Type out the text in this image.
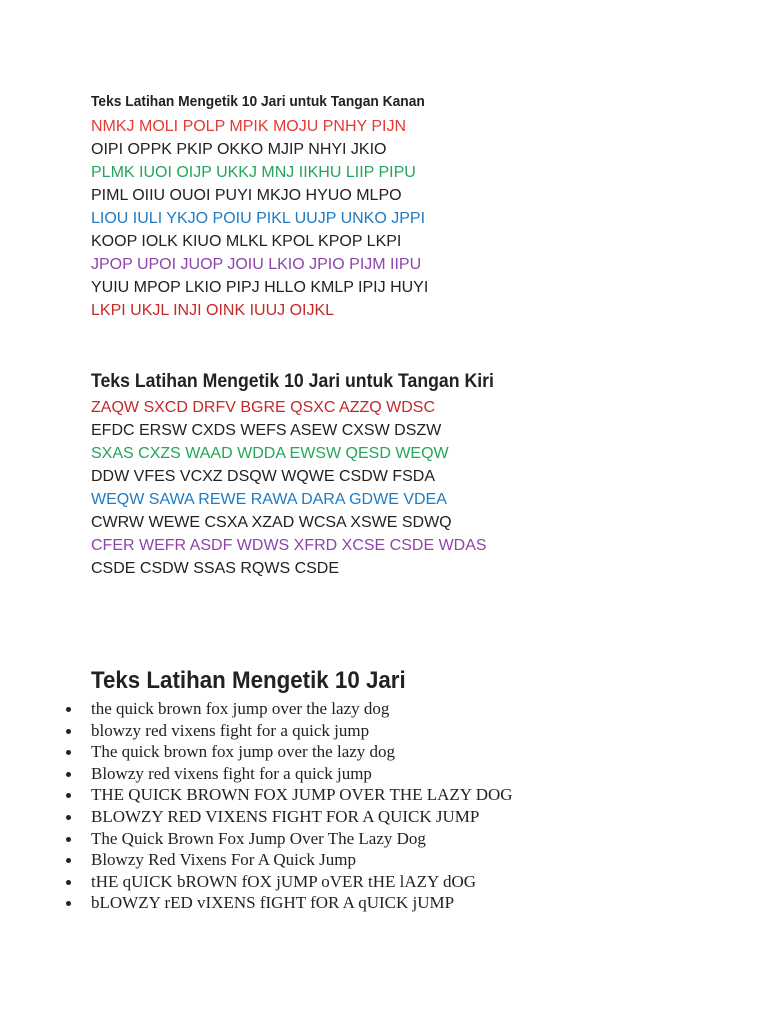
Teks Latihan Mengetik 10 Jari untuk Tangan Kanan
NMKJ MOLI POLP MPIK MOJU PNHY PIJN
OIPI OPPK PKIP OKKO MJIP NHYI JKIO
PLMK IUOI OIJP UKKJ MNJ IIKHU LIIP PIPU
PIML OIIU OUOI PUYI MKJO HYUO MLPO
LIOU IULI YKJO POIU PIKL UUJP UNKO JPPI
KOOP IOLK KIUO MLKL KPOL KPOP LKPI
JPOP UPOI JUOP JOIU LKIO JPIO PIJM IIPU
YUIU MPOP LKIO PIPJ HLLO KMLP IPIJ HUYI
LKPI UKJL INJI OINK IUUJ OIJKL
Teks Latihan Mengetik 10 Jari untuk Tangan Kiri
ZAQW SXCD DRFV BGRE QSXC AZZQ WDSC
EFDC ERSW CXDS WEFS ASEW CXSW DSZW
SXAS CXZS WAAD WDDA EWSW QESD WEQW
DDW VFES VCXZ DSQW WQWE CSDW FSDA
WEQW SAWA REWE RAWA DARA GDWE VDEA
CWRW WEWE CSXA XZAD WCSA XSWE SDWQ
CFER WEFR ASDF WDWS XFRD XCSE CSDE WDAS
CSDE CSDW SSAS RQWS CSDE
Teks Latihan Mengetik 10 Jari
the quick brown fox jump over the lazy dog
blowzy red vixens fight for a quick jump
The quick brown fox jump over the lazy dog
Blowzy red vixens fight for a quick jump
THE QUICK BROWN FOX JUMP OVER THE LAZY DOG
BLOWZY RED VIXENS FIGHT FOR A QUICK JUMP
The Quick Brown Fox Jump Over The Lazy Dog
Blowzy Red Vixens For A Quick Jump
tHE qUICK bROWN fOX jUMP oVER tHE lAZY dOG
bLOWZY rED vIXENS fIGHT fOR A qUICK jUMP
